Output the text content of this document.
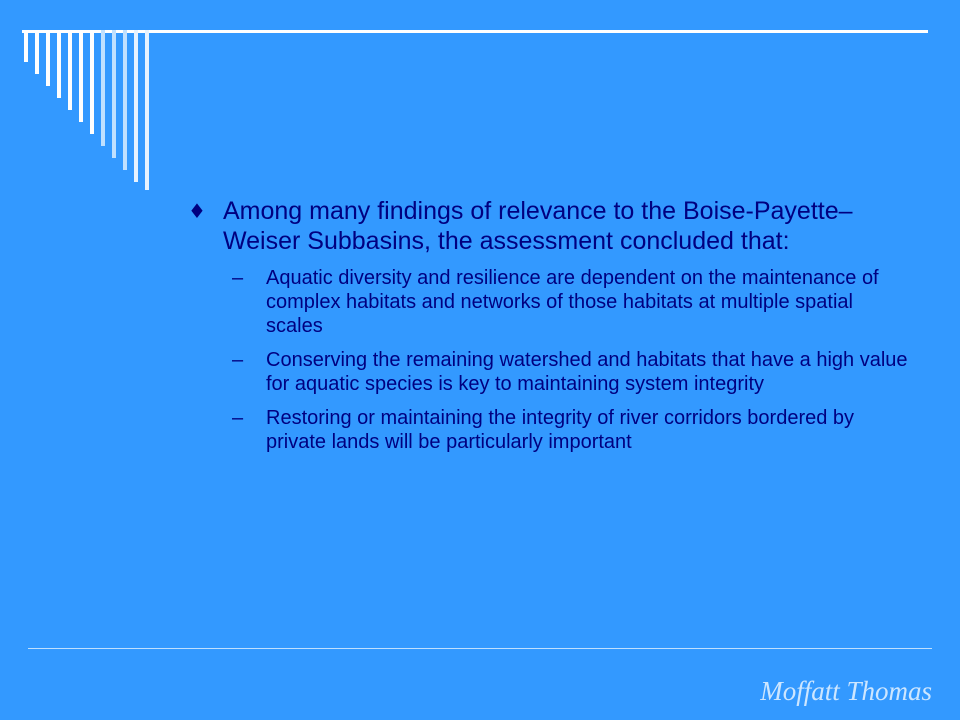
♦ Among many findings of relevance to the Boise-Payette–Weiser Subbasins, the assessment concluded that:
– Aquatic diversity and resilience are dependent on the maintenance of complex habitats and networks of those habitats at multiple spatial scales
– Conserving the remaining watershed and habitats that have a high value for aquatic species is key to maintaining system integrity
– Restoring or maintaining the integrity of river corridors bordered by private lands will be particularly important
Moffatt Thomas
